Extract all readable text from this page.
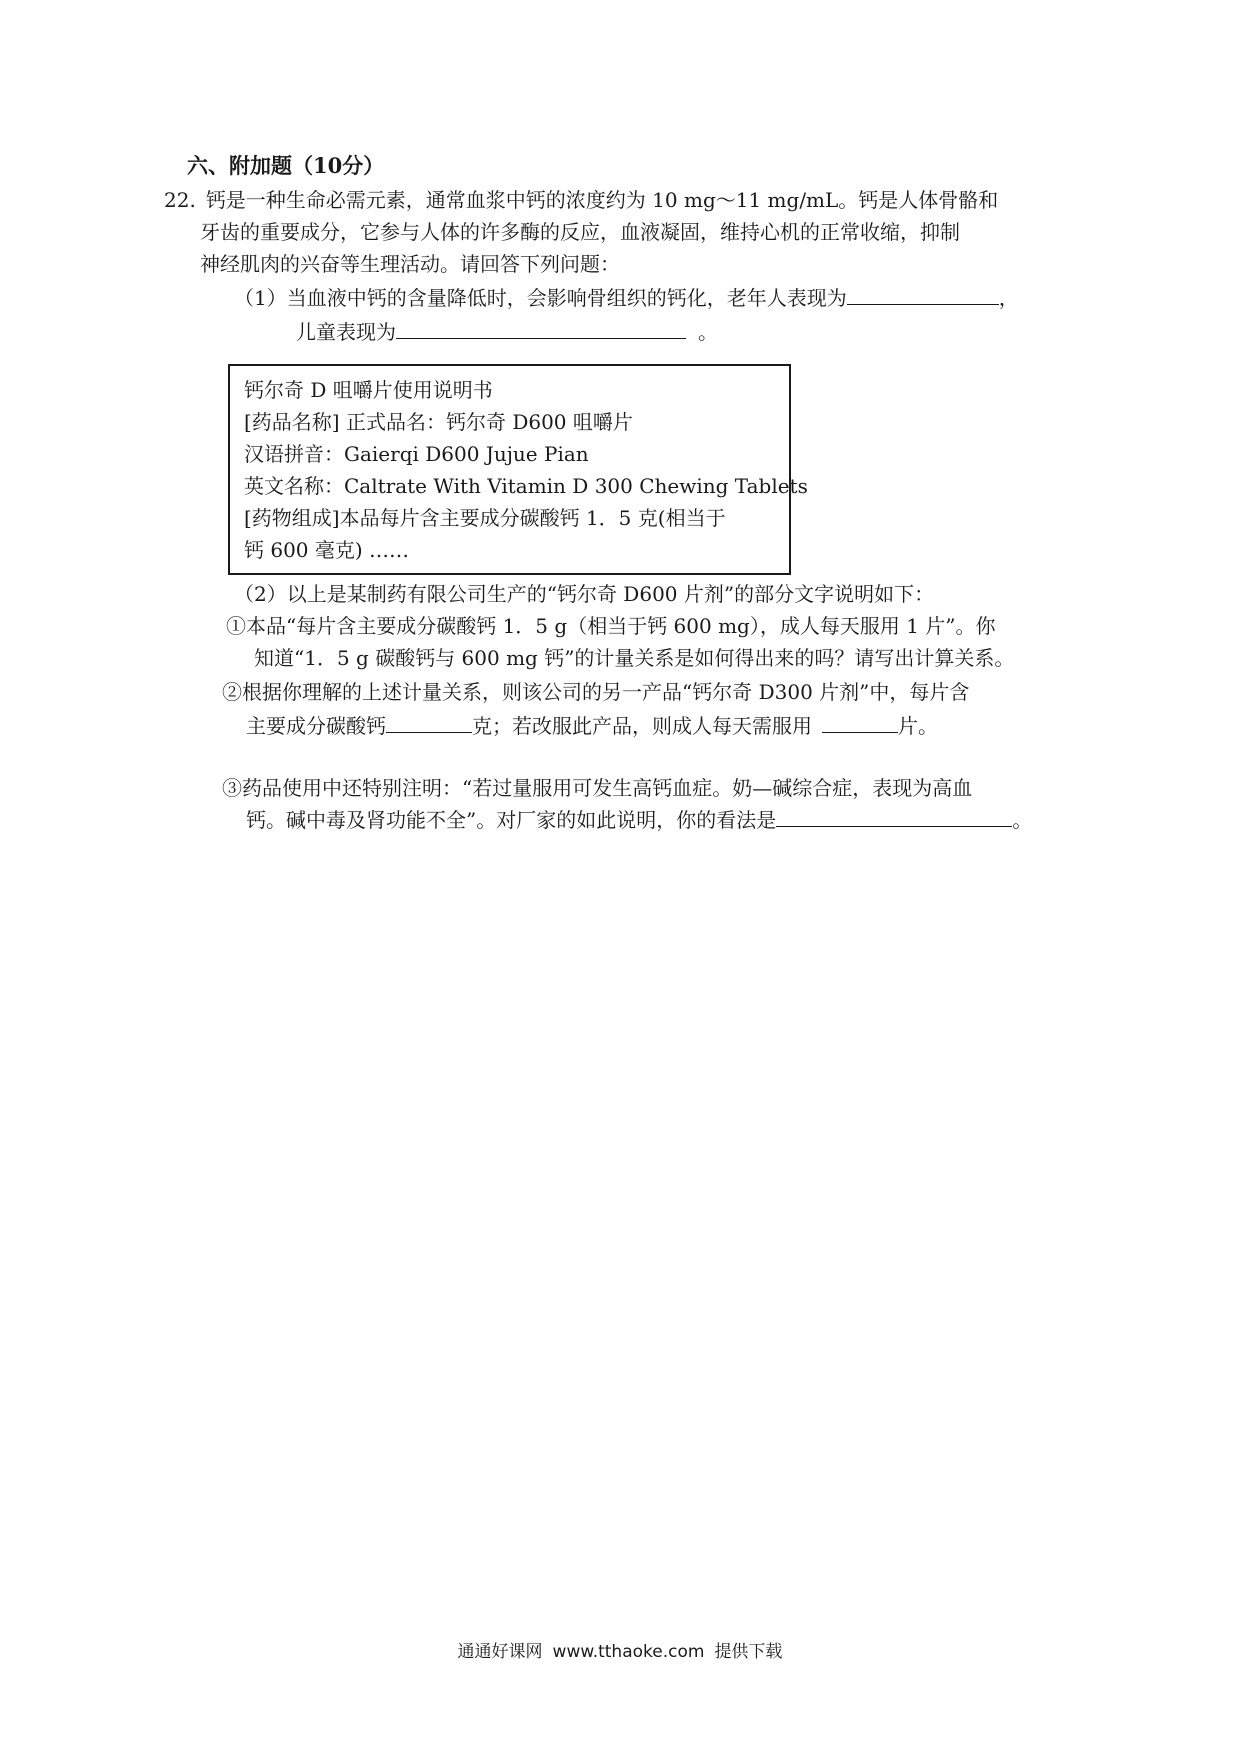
六、附加题（10分）
22. 钙是一种生命必需元素，通常血浆中钙的浓度约为 10 mg～11 mg/mL。钙是人体骨骼和
牙齿的重要成分，它参与人体的许多酶的反应，血液凝固，维持心机的正常收缩，抑制
神经肌肉的兴奋等生理活动。请回答下列问题：
（1）当血液中钙的含量降低时，会影响骨组织的钙化，老年人表现为	，
儿童表现为	。
钙尔奇 D 咀嚼片使用说明书
[药品名称] 正式品名：钙尔奇 D600 咀嚼片
汉语拼音：Gaierqi D600 Jujue Pian
英文名称：Caltrate With Vitamin D 300 Chewing Tablets
[药物组成]本品每片含主要成分碳酸钙 1．5 克(相当于
钙 600 毫克) ……
（2）以上是某制药有限公司生产的“钙尔奇 D600 片剂”的部分文字说明如下：
①本品“每片含主要成分碳酸钙 1．5 g（相当于钙 600 mg），成人每天服用 1 片”。你
知道“1．5 g 碳酸钙与 600 mg 钙”的计量关系是如何得出来的吗？请写出计算关系。
②根据你理解的上述计量关系，则该公司的另一产品“钙尔奇 D300 片剂”中，每片含
主要成分碳酸钙	克；若改服此产品，则成人每天需服用	片。
③药品使用中还特别注明：“若过量服用可发生高钙血症。奶—碱综合症，表现为高血
钙。碱中毒及肾功能不全”。对厂家的如此说明，你的看法是	。
通通好课网 www.tthaoke.com 提供下载
